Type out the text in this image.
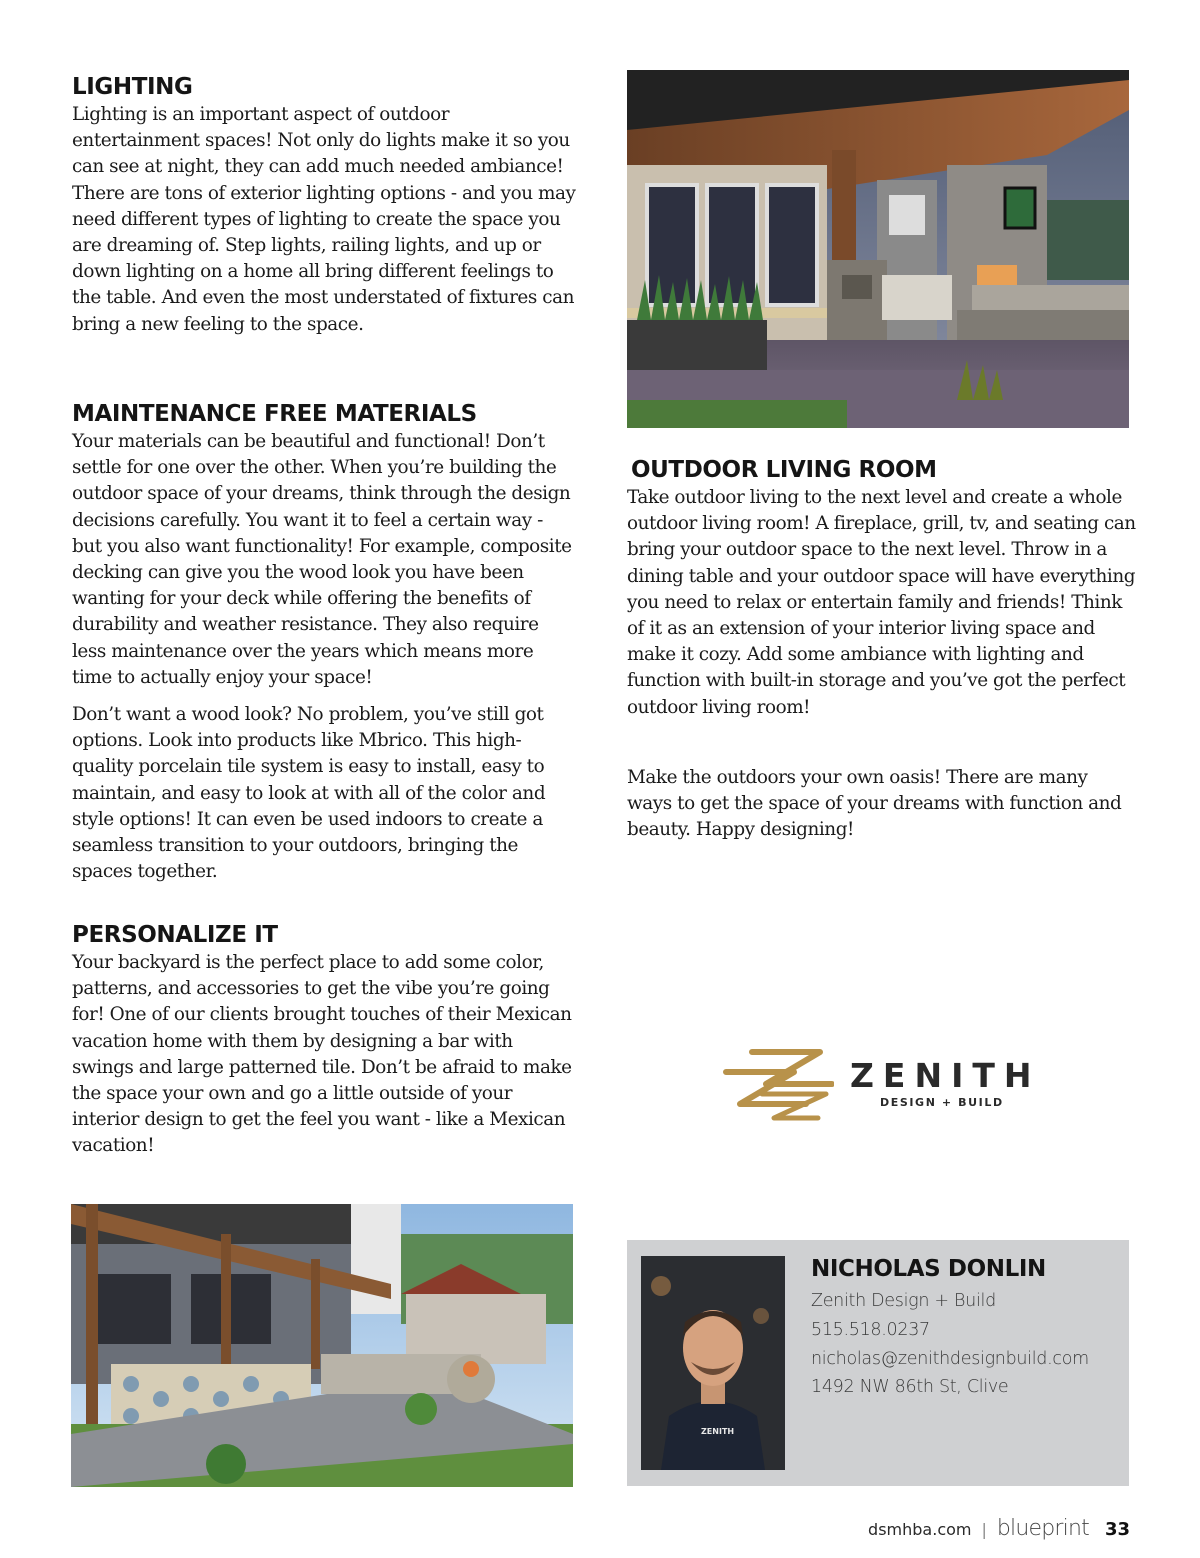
LIGHTING

Lighting is an important aspect of outdoor entertainment spaces! Not only do lights make it so you can see at night, they can add much needed ambiance! There are tons of exterior lighting options - and you may need different types of lighting to create the space you are dreaming of. Step lights, railing lights, and up or down lighting on a home all bring different feelings to the table. And even the most understated of fixtures can bring a new feeling to the space.

MAINTENANCE FREE MATERIALS

Your materials can be beautiful and functional! Don’t settle for one over the other. When you’re building the outdoor space of your dreams, think through the design decisions carefully. You want it to feel a certain way - but you also want functionality! For example, composite decking can give you the wood look you have been wanting for your deck while offering the benefits of durability and weather resistance. They also require less maintenance over the years which means more time to actually enjoy your space!

Don’t want a wood look? No problem, you’ve still got options. Look into products like Mbrico. This high-quality porcelain tile system is easy to install, easy to maintain, and easy to look at with all of the color and style options! It can even be used indoors to create a seamless transition to your outdoors, bringing the spaces together.

PERSONALIZE IT

Your backyard is the perfect place to add some color, patterns, and accessories to get the vibe you’re going for! One of our clients brought touches of their Mexican vacation home with them by designing a bar with swings and large patterned tile. Don’t be afraid to make the space your own and go a little outside of your interior design to get the feel you want - like a Mexican vacation!

OUTDOOR LIVING ROOM

Take outdoor living to the next level and create a whole outdoor living room! A fireplace, grill, tv, and seating can bring your outdoor space to the next level. Throw in a dining table and your outdoor space will have everything you need to relax or entertain family and friends! Think of it as an extension of your interior living space and make it cozy. Add some ambiance with lighting and function with built-in storage and you’ve got the perfect outdoor living room!

Make the outdoors your own oasis! There are many ways to get the space of your dreams with function and beauty. Happy designing!

ZENITH
DESIGN + BUILD
ZENITH
NICHOLAS DONLIN
Zenith Design + Build
515.518.0237
nicholas@zenithdesignbuild.com
1492 NW 86th St, Clive
dsmhba.com | blueprint 33
